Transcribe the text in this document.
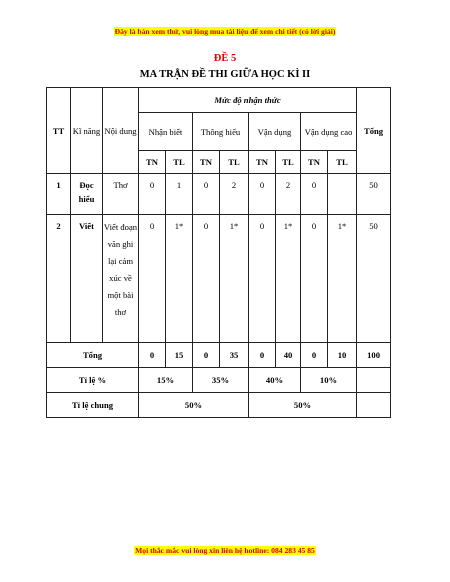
Đây là bản xem thử, vui lòng mua tài liệu để xem chi tiết (có lời giải)
ĐỀ 5
MA TRẬN ĐỀ THI GIỮA HỌC KÌ II
TT	Kĩ năng	Nội dung	Mức độ nhận thức								Tổng
			Nhận biết		Thông hiểu		Vận dụng		Vận dụng cao		
			TN	TL	TN	TL	TN	TL	TN	TL	
1	Đọc hiểu	Thơ	0	1	0	2	0	2	0		50
2	Viết	Viết đoạn văn ghi lại cảm xúc về một bài thơ	0	1*	0	1*	0	1*	0	1*	50
Tổng			0	15	0	35	0	40	0	10	100
Tỉ lệ %			15%		35%		40%		10%		
Tỉ lệ chung			50%				50%				
Mọi thắc mắc vui lòng xin liên hệ hotline: 084 283 45 85
